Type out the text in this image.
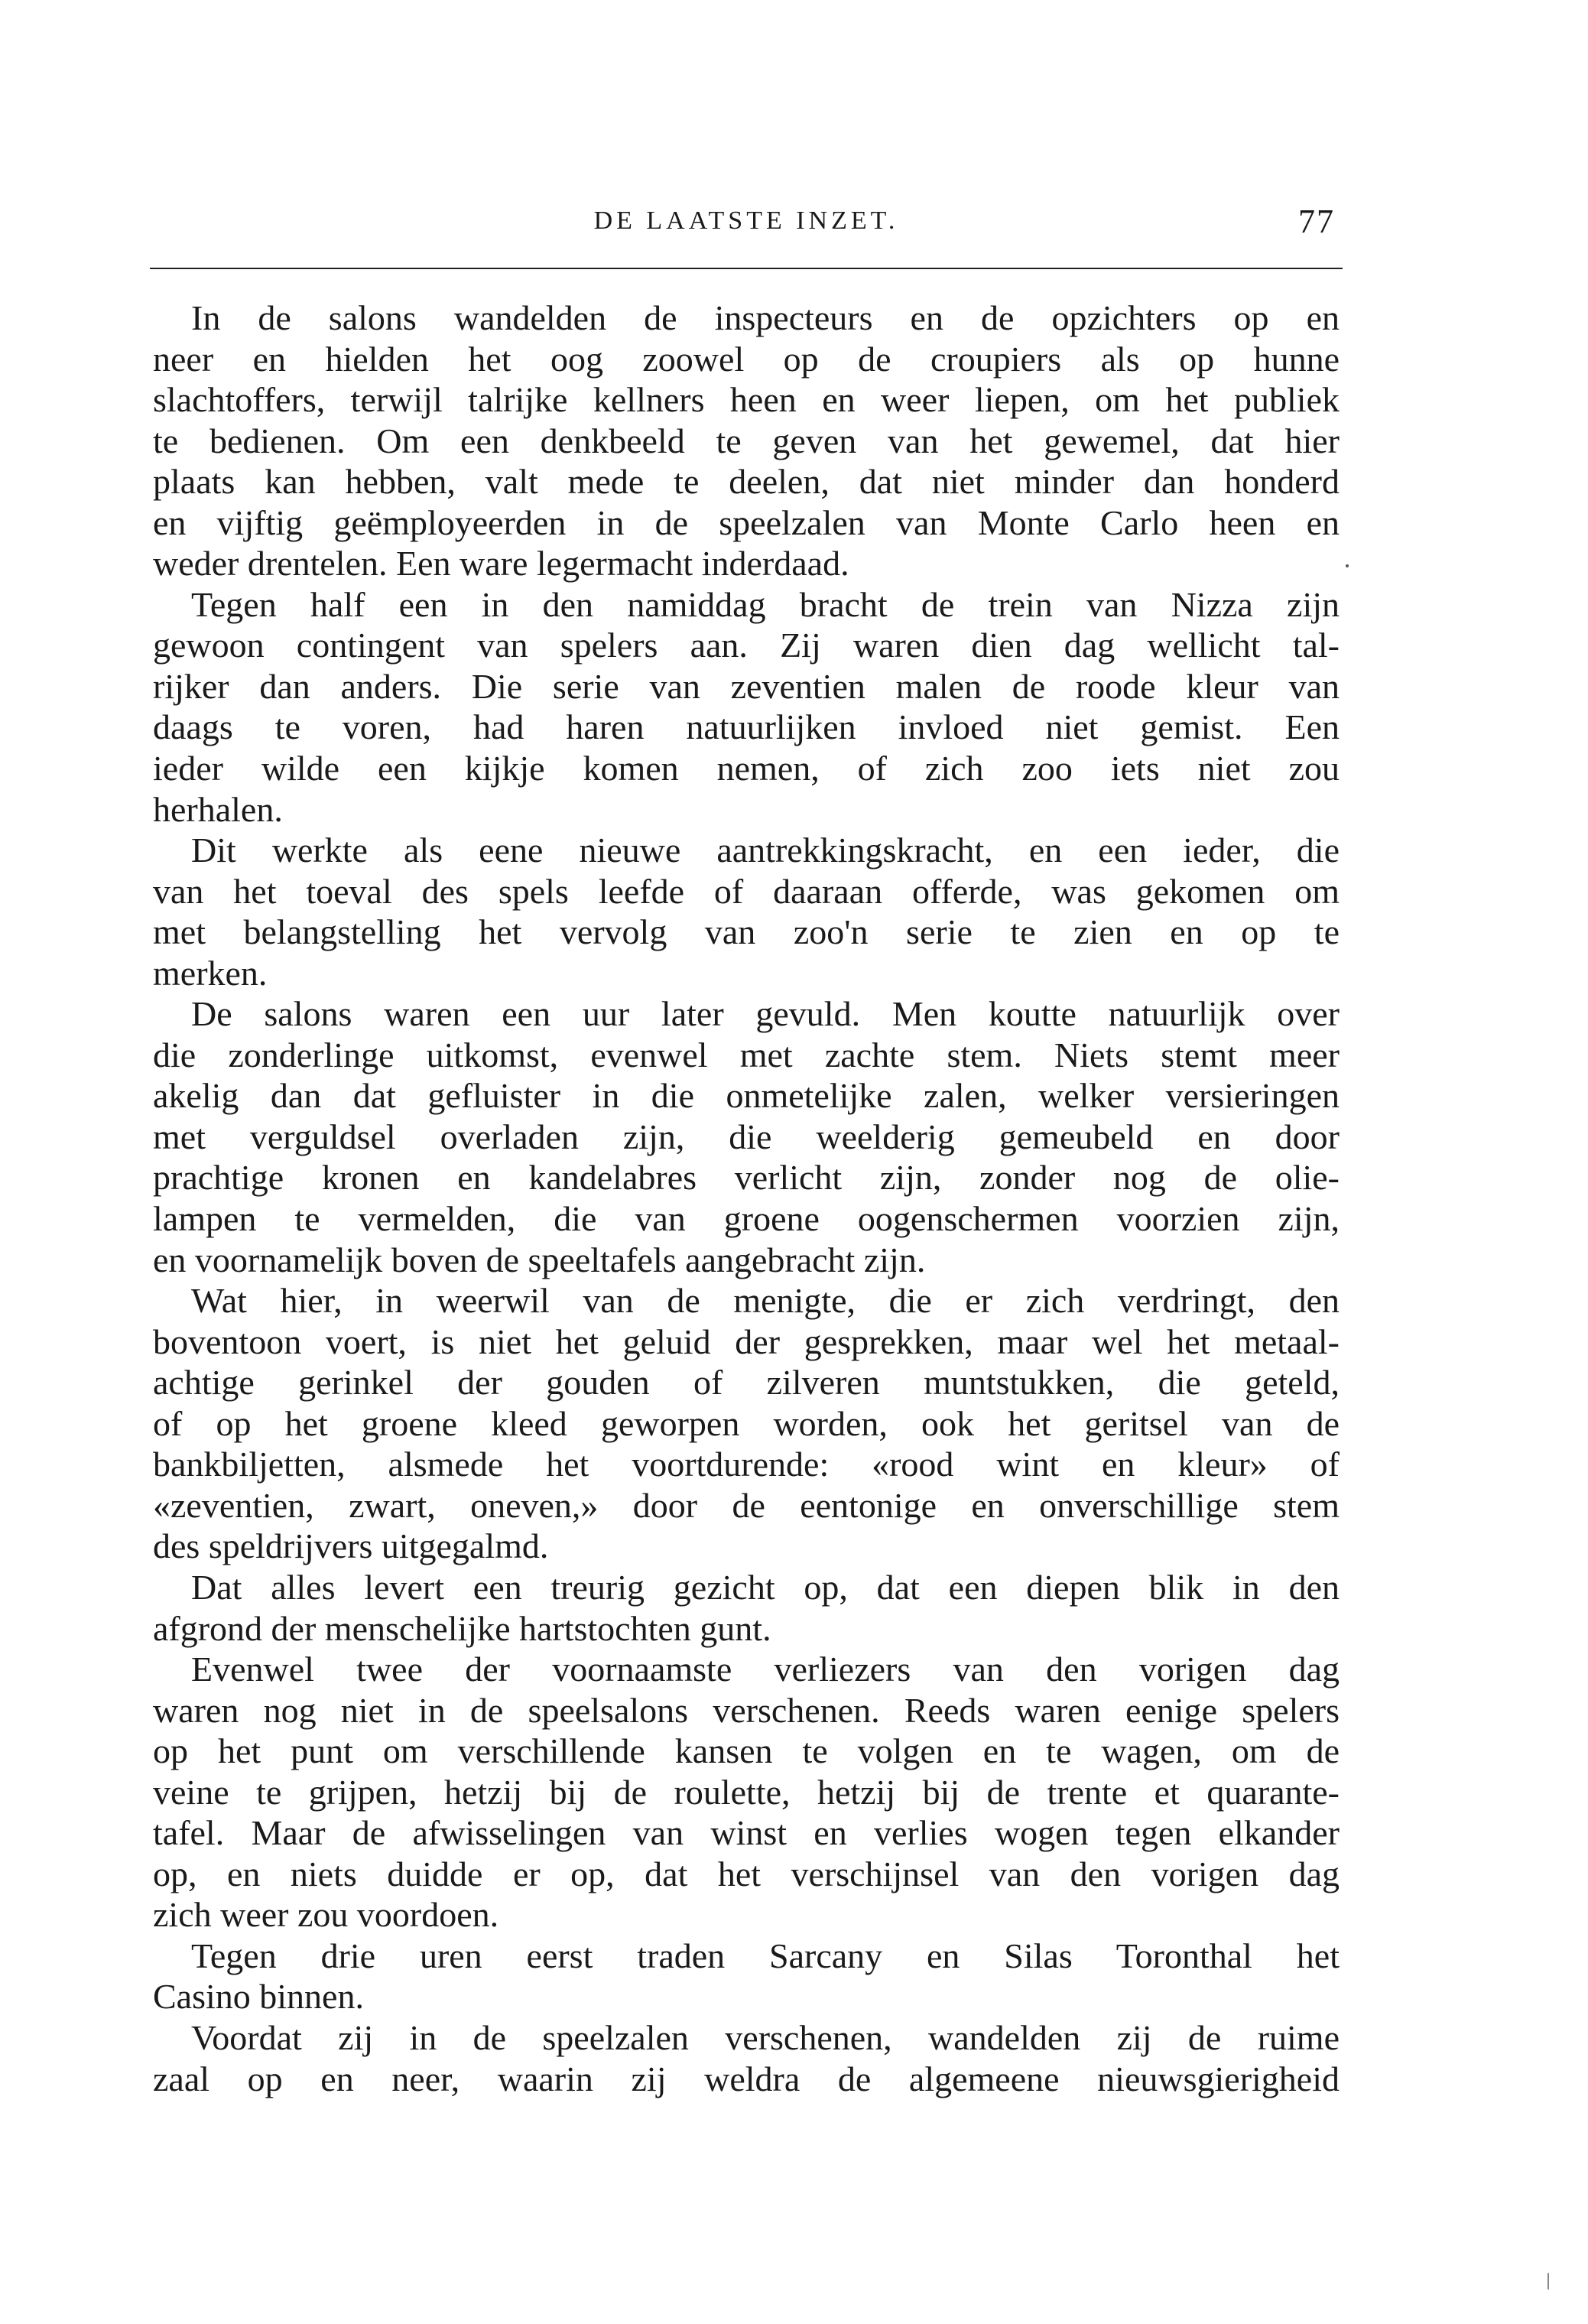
DE LAATSTE INZET.	77
In de salons wandelden de inspecteurs en de opzichters op en
neer en hielden het oog zoowel op de croupiers als op hunne
slachtoffers, terwijl talrijke kellners heen en weer liepen, om het publiek
te bedienen. Om een denkbeeld te geven van het gewemel, dat hier
plaats kan hebben, valt mede te deelen, dat niet minder dan honderd
en vijftig geëmployeerden in de speelzalen van Monte Carlo heen en
weder drentelen. Een ware legermacht inderdaad.
Tegen half een in den namiddag bracht de trein van Nizza zijn
gewoon contingent van spelers aan. Zij waren dien dag wellicht tal-
rijker dan anders. Die serie van zeventien malen de roode kleur van
daags te voren, had haren natuurlijken invloed niet gemist. Een
ieder wilde een kijkje komen nemen, of zich zoo iets niet zou
herhalen.
Dit werkte als eene nieuwe aantrekkingskracht, en een ieder, die
van het toeval des spels leefde of daaraan offerde, was gekomen om
met belangstelling het vervolg van zoo'n serie te zien en op te
merken.
De salons waren een uur later gevuld. Men koutte natuurlijk over
die zonderlinge uitkomst, evenwel met zachte stem. Niets stemt meer
akelig dan dat gefluister in die onmetelijke zalen, welker versieringen
met verguldsel overladen zijn, die weelderig gemeubeld en door
prachtige kronen en kandelabres verlicht zijn, zonder nog de olie-
lampen te vermelden, die van groene oogenschermen voorzien zijn,
en voornamelijk boven de speeltafels aangebracht zijn.
Wat hier, in weerwil van de menigte, die er zich verdringt, den
boventoon voert, is niet het geluid der gesprekken, maar wel het metaal-
achtige gerinkel der gouden of zilveren muntstukken, die geteld,
of op het groene kleed geworpen worden, ook het geritsel van de
bankbiljetten, alsmede het voortdurende: «rood wint en kleur» of
«zeventien, zwart, oneven,» door de eentonige en onverschillige stem
des speldrijvers uitgegalmd.
Dat alles levert een treurig gezicht op, dat een diepen blik in den
afgrond der menschelijke hartstochten gunt.
Evenwel twee der voornaamste verliezers van den vorigen dag
waren nog niet in de speelsalons verschenen. Reeds waren eenige spelers
op het punt om verschillende kansen te volgen en te wagen, om de
veine te grijpen, hetzij bij de roulette, hetzij bij de trente et quarante-
tafel. Maar de afwisselingen van winst en verlies wogen tegen elkander
op, en niets duidde er op, dat het verschijnsel van den vorigen dag
zich weer zou voordoen.
Tegen drie uren eerst traden Sarcany en Silas Toronthal het
Casino binnen.
Voordat zij in de speelzalen verschenen, wandelden zij de ruime
zaal op en neer, waarin zij weldra de algemeene nieuwsgierigheid
